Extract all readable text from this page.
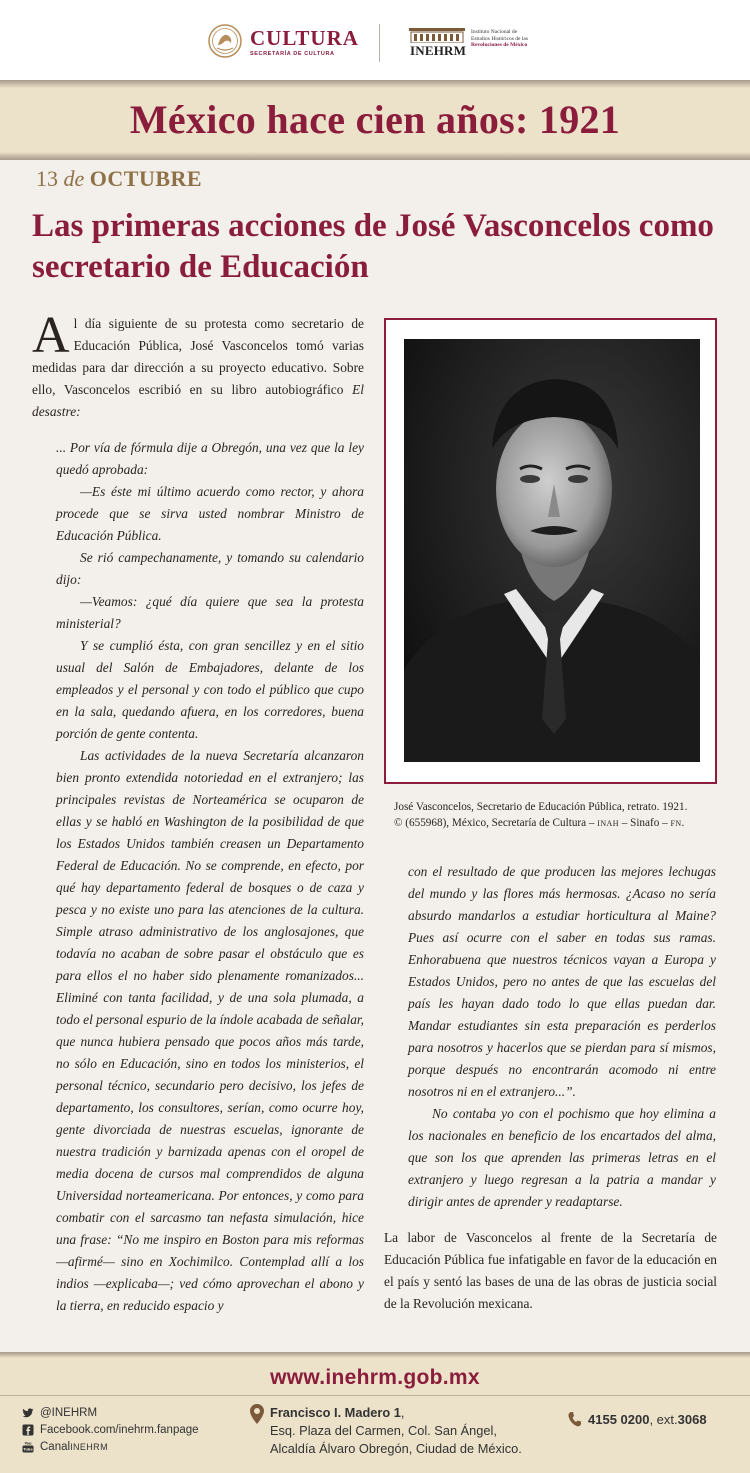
CULTURA
SECRETARÍA DE CULTURA	INEHRM
Instituto Nacional de
Estudios Históricos de las
Revoluciones de México
México hace cien años: 1921
13 de OCTUBRE
Las primeras acciones de José Vasconcelos como secretario de Educación

Al día siguiente de su protesta como secretario de Educación Pública, José Vasconcelos tomó varias medidas para dar dirección a su proyecto educativo. Sobre ello, Vasconcelos escribió en su libro autobiográfico El desastre:

... Por vía de fórmula dije a Obregón, una vez que la ley quedó aprobada:

—Es éste mi último acuerdo como rector, y ahora procede que se sirva usted nombrar Ministro de Educación Pública.

Se rió campechanamente, y tomando su calendario dijo:

—Veamos: ¿qué día quiere que sea la protesta ministerial?

Y se cumplió ésta, con gran sencillez y en el sitio usual del Salón de Embajadores, delante de los empleados y el personal y con todo el público que cupo en la sala, quedando afuera, en los corredores, buena porción de gente contenta.

Las actividades de la nueva Secretaría alcanzaron bien pronto extendida notoriedad en el extranjero; las principales revistas de Norteamérica se ocuparon de ellas y se habló en Washington de la posibilidad de que los Estados Unidos también creasen un Departamento Federal de Educación. No se comprende, en efecto, por qué hay departamento federal de bosques o de caza y pesca y no existe uno para las atenciones de la cultura. Simple atraso administrativo de los anglosajones, que todavía no acaban de sobre pasar el obstáculo que es para ellos el no haber sido plenamente romanizados... Eliminé con tanta facilidad, y de una sola plumada, a todo el personal espurio de la índole acabada de señalar, que nunca hubiera pensado que pocos años más tarde, no sólo en Educación, sino en todos los ministerios, el personal técnico, secundario pero decisivo, los jefes de departamento, los consultores, serían, como ocurre hoy, gente divorciada de nuestras escuelas, ignorante de nuestra tradición y barnizada apenas con el oropel de media docena de cursos mal comprendidos de alguna Universidad norteamericana. Por entonces, y como para combatir con el sarcasmo tan nefasta simulación, hice una frase: “No me inspiro en Boston para mis reformas —afirmé— sino en Xochimilco. Contemplad allí a los indios —explicaba—; ved cómo aprovechan el abono y la tierra, en reducido espacio y

José Vasconcelos, Secretario de Educación Pública, retrato. 1921.
© (655968), México, Secretaría de Cultura – INAH – Sinafo – FN.

con el resultado de que producen las mejores lechugas del mundo y las flores más hermosas. ¿Acaso no sería absurdo mandarlos a estudiar horticultura al Maine? Pues así ocurre con el saber en todas sus ramas. Enhorabuena que nuestros técnicos vayan a Europa y Estados Unidos, pero no antes de que las escuelas del país les hayan dado todo lo que ellas puedan dar. Mandar estudiantes sin esta preparación es perderlos para nosotros y hacerlos que se pierdan para sí mismos, porque después no encontrarán acomodo ni entre nosotros ni en el extranjero...”.

No contaba yo con el pochismo que hoy elimina a los nacionales en beneficio de los encartados del alma, que son los que aprenden las primeras letras en el extranjero y luego regresan a la patria a mandar y dirigir antes de aprender y readaptarse.

La labor de Vasconcelos al frente de la Secretaría de Educación Pública fue infatigable en favor de la educación en el país y sentó las bases de una de las obras de justicia social de la Revolución mexicana.

www.inehrm.gob.mx
@INEHRM
Facebook.com/inehrm.fanpage
You
Tube Canal INEHRM
Francisco I. Madero 1,
Esq. Plaza del Carmen, Col. San Ángel,
Alcaldía Álvaro Obregón, Ciudad de México.
4155 0200 , ext. 3068
